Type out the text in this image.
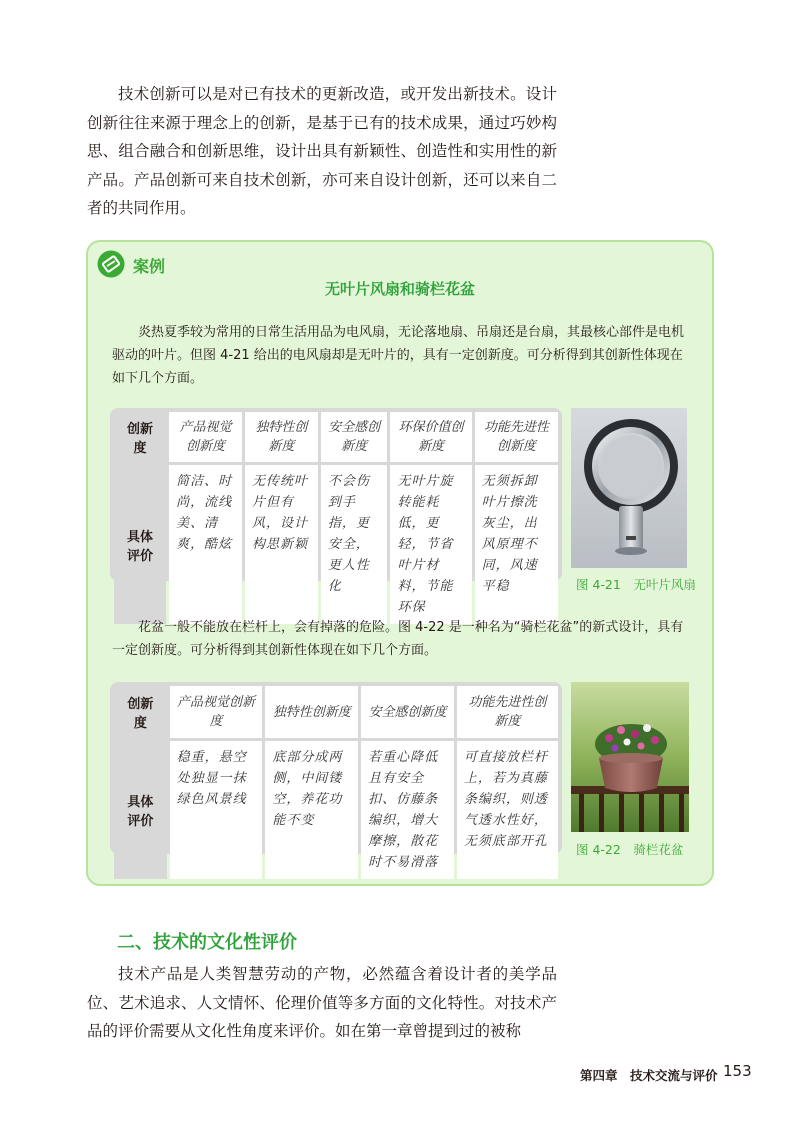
技术创新可以是对已有技术的更新改造，或开发出新技术。设计创新往往来源于理念上的创新，是基于已有的技术成果，通过巧妙构思、组合融合和创新思维，设计出具有新颖性、创造性和实用性的新产品。产品创新可来自技术创新，亦可来自设计创新，还可以来自二者的共同作用。

案例
无叶片风扇和骑栏花盆

炎热夏季较为常用的日常生活用品为电风扇，无论落地扇、吊扇还是台扇，其最核心部件是电机驱动的叶片。但图 4-21 给出的电风扇却是无叶片的，具有一定创新度。可分析得到其创新性体现在如下几个方面。

创新度	产品视觉创新度	独特性创新度	安全感创新度	环保价值创新度	功能先进性创新度
具体评价	简洁、时尚，流线美、清爽，酷炫	无传统叶片但有风，设计构思新颖	不会伤到手指，更安全，更人性化	无叶片旋转能耗低，更轻，节省叶片材料，节能环保	无须拆卸叶片擦洗灰尘，出风原理不同，风速平稳	图 4-21　无叶片风扇

花盆一般不能放在栏杆上，会有掉落的危险。图 4-22 是一种名为“骑栏花盆”的新式设计，具有一定创新度。可分析得到其创新性体现在如下几个方面。

创新度	产品视觉创新度	独特性创新度	安全感创新度	功能先进性创新度
具体评价	稳重，悬空处独显一抹绿色风景线	底部分成两侧，中间镂空，养花功能不变	若重心降低且有安全扣、仿藤条编织，增大摩擦，散花时不易滑落	可直接放栏杆上，若为真藤条编织，则透气透水性好，无须底部开孔
图 4-22　骑栏花盆
二、技术的文化性评价

技术产品是人类智慧劳动的产物，必然蕴含着设计者的美学品位、艺术追求、人文情怀、伦理价值等多方面的文化特性。对技术产品的评价需要从文化性角度来评价。如在第一章曾提到过的被称

第四章　技术交流与评价 153
